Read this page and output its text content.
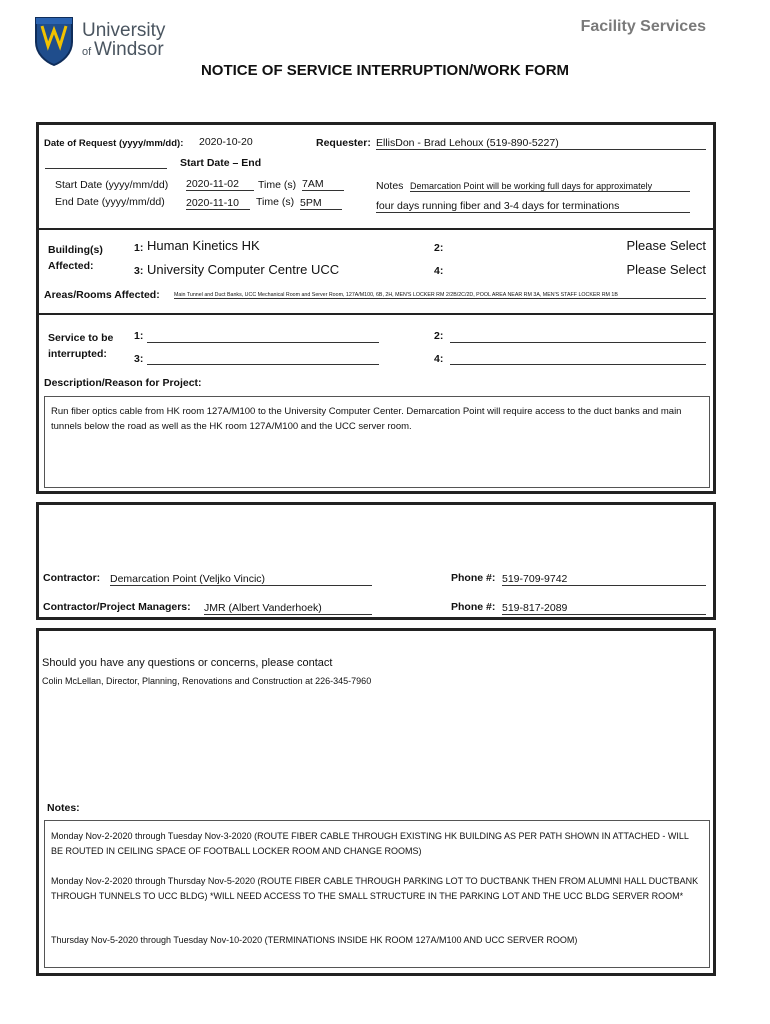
University
of Windsor
Facility Services
NOTICE OF SERVICE INTERRUPTION/WORK FORM
Date of Request (yyyy/mm/dd): 2020-10-20	Requester: EllisDon - Brad Lehoux (519-890-5227)
Start Date – End
Start Date (yyyy/mm/dd) 2020-11-02	Time (s) 7AM
End Date (yyyy/mm/dd) 2020-11-10	Time (s) 5PM
Notes Demarcation Point will be working full days for approximately
four days running fiber and 3-4 days for terminations
Building(s)
Affected:
1: Human Kinetics HK	2:	Please Select
3: University Computer Centre UCC	4:	Please Select
Areas/Rooms Affected:	Main Tunnel and Duct Banks, UCC Mechanical Room and Server Room, 127A/M100, 6B, 2H, MEN'S LOCKER RM 2/2B/2C/2D, POOL AREA NEAR RM 3A, MEN'S STAFF LOCKER RM 1B
Service to be
interrupted:
1:	2:
3:	4:
Description/Reason for Project:
Run fiber optics cable from HK room 127A/M100 to the University Computer Center. Demarcation Point will require access to the duct banks and main tunnels below the road as well as the HK room 127A/M100 and the UCC server room.
Contractor: Demarcation Point (Veljko Vincic)	Phone #: 519-709-9742
Contractor/Project Managers: JMR (Albert Vanderhoek)	Phone #: 519-817-2089
Should you have any questions or concerns, please contact
Colin McLellan, Director, Planning, Renovations and Construction at 226-345-7960
Notes:
Monday Nov-2-2020 through Tuesday Nov-3-2020 (ROUTE FIBER CABLE THROUGH EXISTING HK BUILDING AS PER PATH SHOWN IN ATTACHED - WILL BE ROUTED IN CEILING SPACE OF FOOTBALL LOCKER ROOM AND CHANGE ROOMS)
Monday Nov-2-2020 through Thursday Nov-5-2020 (ROUTE FIBER CABLE THROUGH PARKING LOT TO DUCTBANK THEN FROM ALUMNI HALL DUCTBANK THROUGH TUNNELS TO UCC BLDG) *WILL NEED ACCESS TO THE SMALL STRUCTURE IN THE PARKING LOT AND THE UCC BLDG SERVER ROOM*
Thursday Nov-5-2020 through Tuesday Nov-10-2020 (TERMINATIONS INSIDE HK ROOM 127A/M100 AND UCC SERVER ROOM)
